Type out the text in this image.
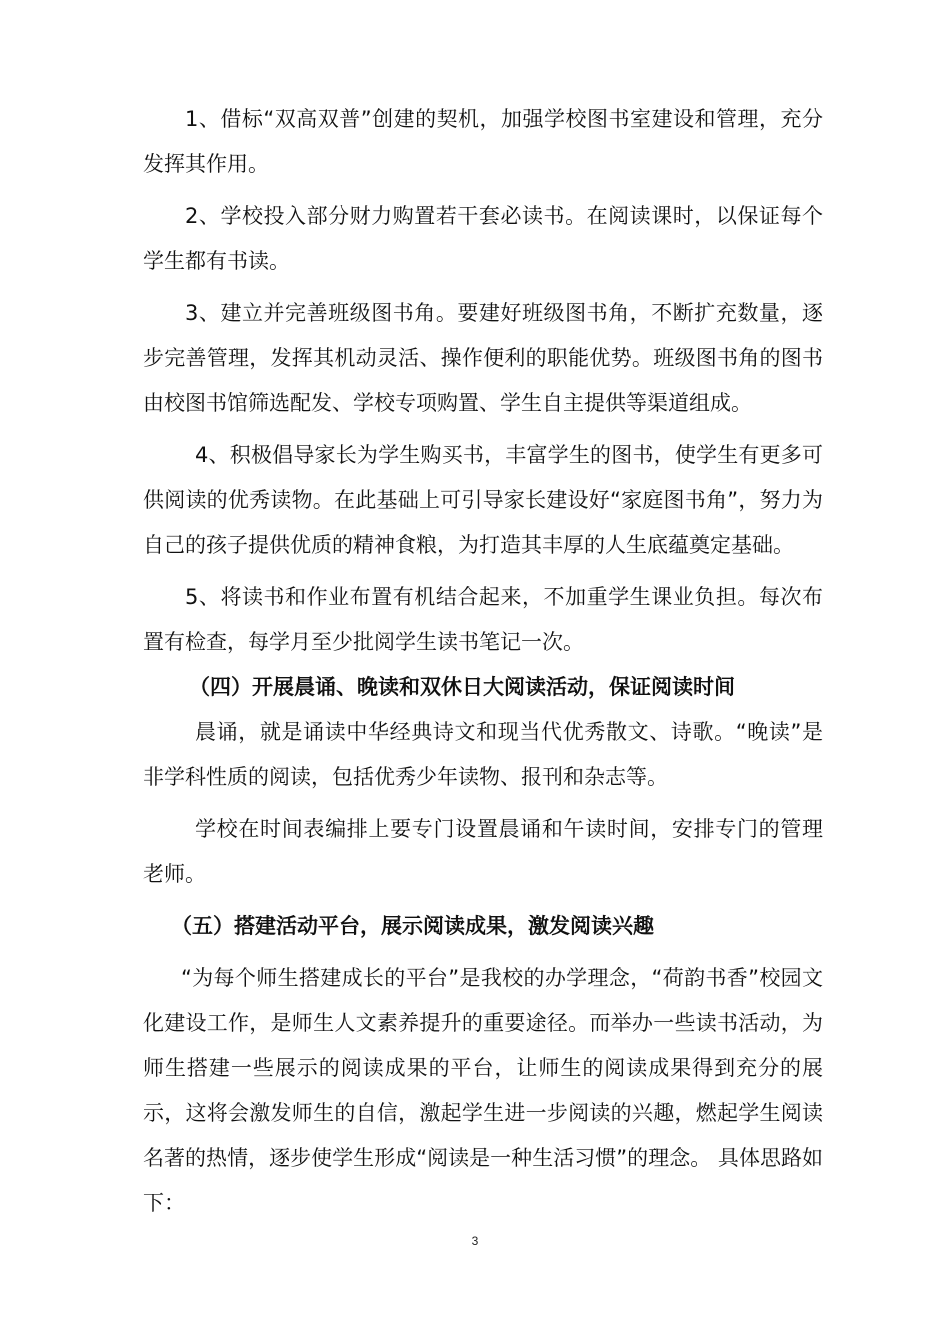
1、借标“双高双普”创建的契机，加强学校图书室建设和管理，充分发挥其作用。

2、学校投入部分财力购置若干套必读书。在阅读课时，以保证每个学生都有书读。

3、建立并完善班级图书角。要建好班级图书角，不断扩充数量，逐步完善管理，发挥其机动灵活、操作便利的职能优势。班级图书角的图书由校图书馆筛选配发、学校专项购置、学生自主提供等渠道组成。

4、积极倡导家长为学生购买书，丰富学生的图书，使学生有更多可供阅读的优秀读物。在此基础上可引导家长建设好“家庭图书角”，努力为自己的孩子提供优质的精神食粮，为打造其丰厚的人生底蕴奠定基础。

5、将读书和作业布置有机结合起来，不加重学生课业负担。每次布置有检查，每学月至少批阅学生读书笔记一次。

（四）开展晨诵、晚读和双休日大阅读活动，保证阅读时间

晨诵，就是诵读中华经典诗文和现当代优秀散文、诗歌。“晚读”是非学科性质的阅读，包括优秀少年读物、报刊和杂志等。

学校在时间表编排上要专门设置晨诵和午读时间，安排专门的管理老师。

（五）搭建活动平台，展示阅读成果，激发阅读兴趣

“为每个师生搭建成长的平台”是我校的办学理念，“荷韵书香”校园文化建设工作，是师生人文素养提升的重要途径。而举办一些读书活动，为师生搭建一些展示的阅读成果的平台，让师生的阅读成果得到充分的展示，这将会激发师生的自信，激起学生进一步阅读的兴趣，燃起学生阅读名著的热情，逐步使学生形成“阅读是一种生活习惯”的理念。 具体思路如下：

3
